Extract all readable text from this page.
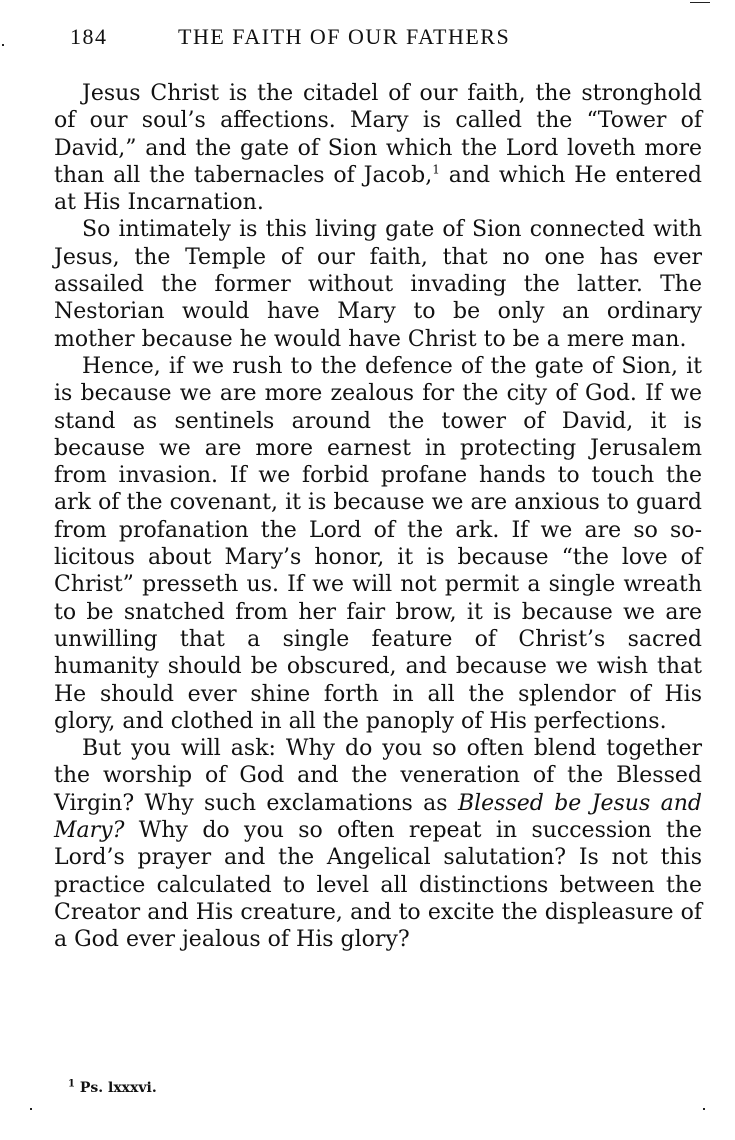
184	THE FAITH OF OUR FATHERS

Jesus Christ is the citadel of our faith, the stronghold of our soul’s affections. Mary is called the “Tower of David,” and the gate of Sion which the Lord loveth more than all the tabernacles of Jacob,$^1$ and which He entered at His Incarnation.

So intimately is this living gate of Sion connected with Jesus, the Temple of our faith, that no one has ever assailed the former without invading the latter. The Nestorian would have Mary to be only an ordinary mother because he would have Christ to be a mere man.

Hence, if we rush to the defence of the gate of Sion, it is because we are more zealous for the city of God. If we stand as sentinels around the tower of David, it is because we are more earnest in protecting Jerusalem from invasion. If we forbid profane hands to touch the ark of the covenant, it is because we are anxious to guard from profanation the Lord of the ark. If we are so solicitous about Mary’s honor, it is because “the love of Christ” presseth us. If we will not permit a single wreath to be snatched from her fair brow, it is because we are unwilling that a single feature of Christ’s sacred humanity should be obscured, and because we wish that He should ever shine forth in all the splendor of His glory, and clothed in all the panoply of His perfections.

But you will ask: Why do you so often blend together the worship of God and the veneration of the Blessed Virgin? Why such exclamations as Blessed be Jesus and Mary? Why do you so often repeat in succession the Lord’s prayer and the Angelical salutation? Is not this practice calculated to level all distinctions between the Creator and His creature, and to excite the displeasure of a God ever jealous of His glory?

$^1$ Ps. lxxxvi.
